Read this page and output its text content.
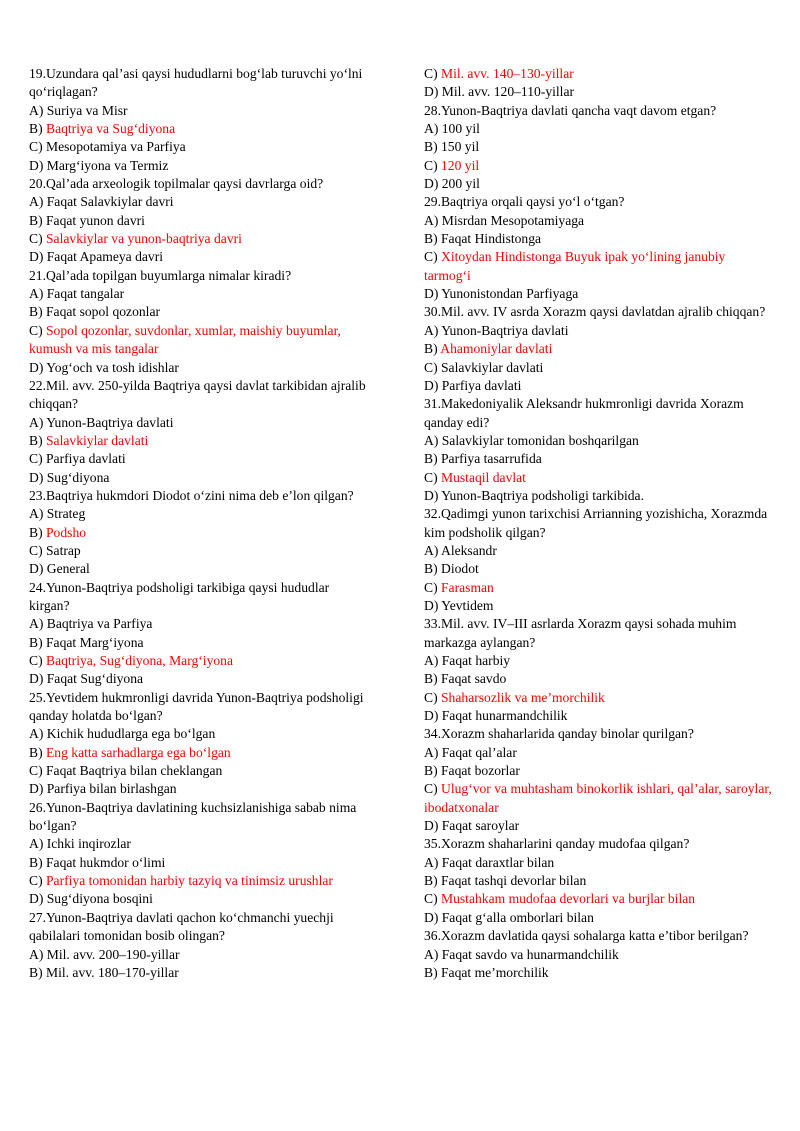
19.Uzundara qal’asi qaysi hududlarni bog‘lab turuvchi yo‘lni qo‘riqlagan?
A) Suriya va Misr
B) Baqtriya va Sug‘diyona
C) Mesopotamiya va Parfiya
D) Marg‘iyona va Termiz
20.Qal’ada arxeologik topilmalar qaysi davrlarga oid?
A) Faqat Salavkiylar davri
B) Faqat yunon davri
C) Salavkiylar va yunon-baqtriya davri
D) Faqat Apameya davri
21.Qal’ada topilgan buyumlarga nimalar kiradi?
A) Faqat tangalar
B) Faqat sopol qozonlar
C) Sopol qozonlar, suvdonlar, xumlar, maishiy buyumlar, kumush va mis tangalar
D) Yog‘och va tosh idishlar
22.Mil. avv. 250-yilda Baqtriya qaysi davlat tarkibidan ajralib chiqqan?
A) Yunon-Baqtriya davlati
B) Salavkiylar davlati
C) Parfiya davlati
D) Sug‘diyona
23.Baqtriya hukmdori Diodot o‘zini nima deb e’lon qilgan?
A) Strateg
B) Podsho
C) Satrap
D) General
24.Yunon-Baqtriya podsholigi tarkibiga qaysi hududlar kirgan?
A) Baqtriya va Parfiya
B) Faqat Marg‘iyona
C) Baqtriya, Sug‘diyona, Marg‘iyona
D) Faqat Sug‘diyona
25.Yevtidem hukmronligi davrida Yunon-Baqtriya podsholigi qanday holatda bo‘lgan?
A) Kichik hududlarga ega bo‘lgan
B) Eng katta sarhadlarga ega bo‘lgan
C) Faqat Baqtriya bilan cheklangan
D) Parfiya bilan birlashgan
26.Yunon-Baqtriya davlatining kuchsizlanishiga sabab nima bo‘lgan?
A) Ichki inqirozlar
B) Faqat hukmdor o‘limi
C) Parfiya tomonidan harbiy tazyiq va tinimsiz urushlar
D) Sug‘diyona bosqini
27.Yunon-Baqtriya davlati qachon ko‘chmanchi yuechji qabilalari tomonidan bosib olingan?
A) Mil. avv. 200–190-yillar
B) Mil. avv. 180–170-yillar
C) Mil. avv. 140–130-yillar
D) Mil. avv. 120–110-yillar
28.Yunon-Baqtriya davlati qancha vaqt davom etgan?
A) 100 yil
B) 150 yil
C) 120 yil
D) 200 yil
29.Baqtriya orqali qaysi yo‘l o‘tgan?
A) Misrdan Mesopotamiyaga
B) Faqat Hindistonga
C) Xitoydan Hindistonga Buyuk ipak yo‘lining janubiy tarmog‘i
D) Yunonistondan Parfiyaga
30.Mil. avv. IV asrda Xorazm qaysi davlatdan ajralib chiqqan?
A) Yunon-Baqtriya davlati
B) Ahamoniylar davlati
C) Salavkiylar davlati
D) Parfiya davlati
31.Makedoniyalik Aleksandr hukmronligi davrida Xorazm qanday edi?
A) Salavkiylar tomonidan boshqarilgan
B) Parfiya tasarrufida
C) Mustaqil davlat
D) Yunon-Baqtriya podsholigi tarkibida.
32.Qadimgi yunon tarixchisi Arrianning yozishicha, Xorazmda kim podsholik qilgan?
A) Aleksandr
B) Diodot
C) Farasman
D) Yevtidem
33.Mil. avv. IV–III asrlarda Xorazm qaysi sohada muhim markazga aylangan?
A) Faqat harbiy
B) Faqat savdo
C) Shaharsozlik va me’morchilik
D) Faqat hunarmandchilik
34.Xorazm shaharlarida qanday binolar qurilgan?
A) Faqat qal’alar
B) Faqat bozorlar
C) Ulug‘vor va muhtasham binokorlik ishlari, qal’alar, saroylar, ibodatxonalar
D) Faqat saroylar
35.Xorazm shaharlarini qanday mudofaa qilgan?
A) Faqat daraxtlar bilan
B) Faqat tashqi devorlar bilan
C) Mustahkam mudofaa devorlari va burjlar bilan
D) Faqat g‘alla omborlari bilan
36.Xorazm davlatida qaysi sohalarga katta e’tibor berilgan?
A) Faqat savdo va hunarmandchilik
B) Faqat me’morchilik
